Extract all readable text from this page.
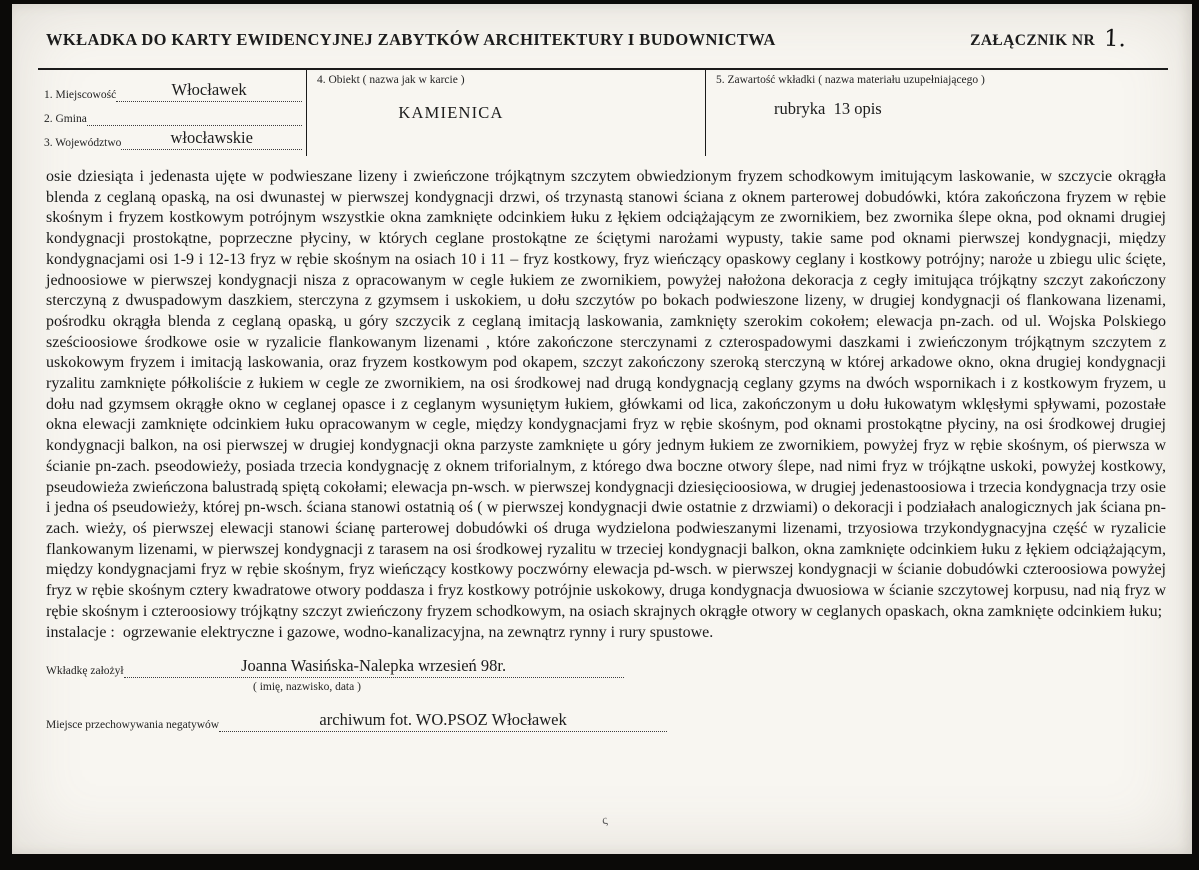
WKŁADKA DO KARTY EWIDENCYJNEJ ZABYTKÓW ARCHITEKTURY I BUDOWNICTWA	ZAŁĄCZNIK NR 1.
1. Miejscowość	Włocławek
2. Gmina
3. Województwo	włocławskie
4. Obiekt ( nazwa jak w karcie )
KAMIENICA
5. Zawartość wkładki ( nazwa materiału uzupełniającego )
rubryka  13 opis

osie dziesiąta i jedenasta ujęte w podwieszane lizeny i zwieńczone trójkątnym szczytem obwiedzionym fryzem schodkowym imitującym laskowanie, w szczycie okrągła blenda z ceglaną opaską, na osi dwunastej w pierwszej kondygnacji drzwi, oś trzynastą stanowi ściana z oknem parterowej dobudówki, która zakończona fryzem w rębie skośnym i fryzem kostkowym potrójnym wszystkie okna zamknięte odcinkiem łuku z łękiem odciążającym ze zwornikiem, bez zwornika ślepe okna, pod oknami drugiej kondygnacji prostokątne, poprzeczne płyciny, w których ceglane prostokątne ze ściętymi narożami wypusty, takie same pod oknami pierwszej kondygnacji, między kondygnacjami osi 1-9 i 12-13 fryz w rębie skośnym na osiach 10 i 11 – fryz kostkowy, fryz wieńczący opaskowy ceglany i kostkowy potrójny; naroże u zbiegu ulic ścięte, jednoosiowe w pierwszej kondygnacji nisza z opracowanym w cegle łukiem ze zwornikiem, powyżej nałożona dekoracja z cegły imitująca trójkątny szczyt zakończony sterczyną z dwuspadowym daszkiem, sterczyna z gzymsem i uskokiem, u dołu szczytów po bokach podwieszone lizeny, w drugiej kondygnacji oś flankowana lizenami, pośrodku okrągła blenda z ceglaną opaską, u góry szczycik z ceglaną imitacją laskowania, zamknięty szerokim cokołem; elewacja pn-zach. od ul. Wojska Polskiego sześcioosiowe środkowe osie w ryzalicie flankowanym lizenami , które zakończone sterczynami z czterospadowymi daszkami i zwieńczonym trójkątnym szczytem z uskokowym fryzem i imitacją laskowania, oraz fryzem kostkowym pod okapem, szczyt zakończony szeroką sterczyną w której arkadowe okno, okna drugiej kondygnacji ryzalitu zamknięte półkoliście z łukiem w cegle ze zwornikiem, na osi środkowej nad drugą kondygnacją ceglany gzyms na dwóch wspornikach i z kostkowym fryzem, u dołu nad gzymsem okrągłe okno w ceglanej opasce i z ceglanym wysuniętym łukiem, główkami od lica, zakończonym u dołu łukowatym wklęsłymi spływami, pozostałe okna elewacji zamknięte odcinkiem łuku opracowanym w cegle, między kondygnacjami fryz w rębie skośnym, pod oknami prostokątne płyciny, na osi środkowej drugiej kondygnacji balkon, na osi pierwszej w drugiej kondygnacji okna parzyste zamknięte u góry jednym łukiem ze zwornikiem, powyżej fryz w rębie skośnym, oś pierwsza w ścianie pn-zach. pseodowieży, posiada trzecia kondygnację z oknem triforialnym, z którego dwa boczne otwory ślepe, nad nimi fryz w trójkątne uskoki, powyżej kostkowy, pseudowieża zwieńczona balustradą spiętą cokołami; elewacja pn-wsch. w pierwszej kondygnacji dziesięcioosiowa, w drugiej jedenastoosiowa i trzecia kondygnacja trzy osie i jedna oś pseudowieży, której pn-wsch. ściana stanowi ostatnią oś ( w pierwszej kondygnacji dwie ostatnie z drzwiami) o dekoracji i podziałach analogicznych jak ściana pn-zach. wieży, oś pierwszej elewacji stanowi ścianę parterowej dobudówki oś druga wydzielona podwieszanymi lizenami, trzyosiowa trzykondygnacyjna część w ryzalicie flankowanym lizenami, w pierwszej kondygnacji z tarasem na osi środkowej ryzalitu w trzeciej kondygnacji balkon, okna zamknięte odcinkiem łuku z łękiem odciążającym, między kondygnacjami fryz w rębie skośnym, fryz wieńczący kostkowy poczwórny elewacja pd-wsch. w pierwszej kondygnacji w ścianie dobudówki czteroosiowa powyżej fryz w rębie skośnym cztery kwadratowe otwory poddasza i fryz kostkowy potrójnie uskokowy, druga kondygnacja dwuosiowa w ścianie szczytowej korpusu, nad nią fryz w rębie skośnym i czteroosiowy trójkątny szczyt zwieńczony fryzem schodkowym, na osiach skrajnych okrągłe otwory w ceglanych opaskach, okna zamknięte odcinkiem łuku;

instalacje :  ogrzewanie elektryczne i gazowe, wodno-kanalizacyjna, na zewnątrz rynny i rury spustowe.

Wkładkę założył	Joanna Wasińska-Nalepka wrzesień 98r.
( imię, nazwisko, data )
Miejsce przechowywania negatywów	archiwum fot. WO.PSOZ Włocławek
ς
